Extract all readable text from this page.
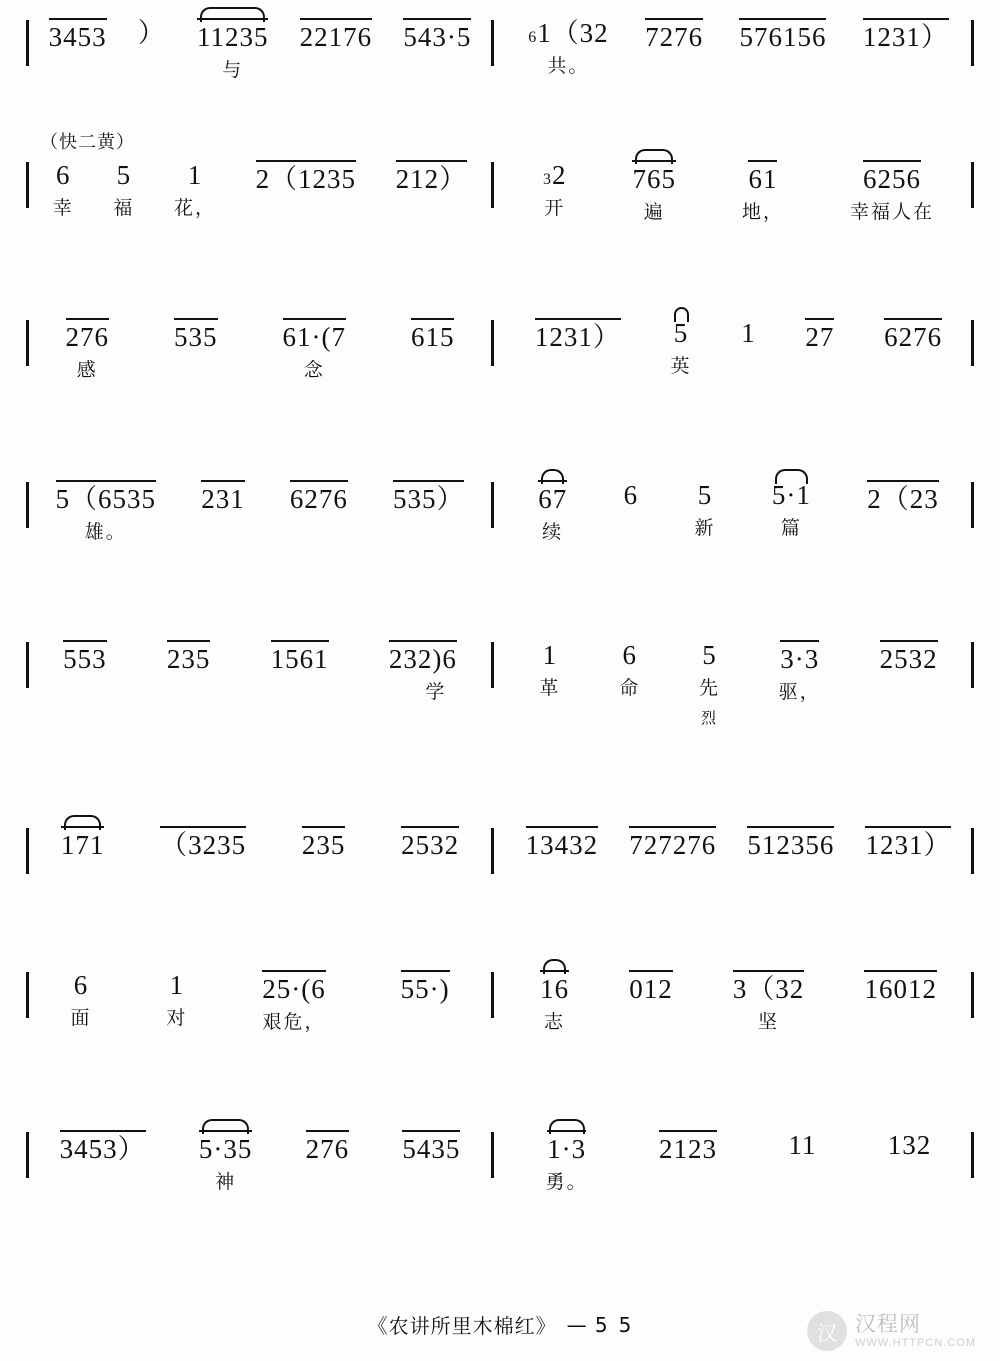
3453 ） 11235
与
22176 543·5	61（32
共。
7276 576156 1231）
（快二黄）
6
幸
5
福
1
花，
2（1235 212）	32
开
765
遍
61
地，
6256
幸福人在
276
感
535 61·(7
念
615	1231） 5
英
1 27 6276
5（6535
雄。
231 6276 535）	67
续
6 5
新
5·1
篇
2（23
553 235 1561 232)6
学
1
革
6
命
5
先
烈
3·3
驱，
2532
171 （3235 235 2532 13432 727276 512356 1231）
6
面
1
对
25·(6
艰危，
55·)	16
志
012 3（32
坚
16012
3453） 5·35
神
276 5435	1·3
勇。
2123	11	132
《农讲所里木棉红》 — 5 5	汉 汉程网
WWW.HTTPCN.COM
